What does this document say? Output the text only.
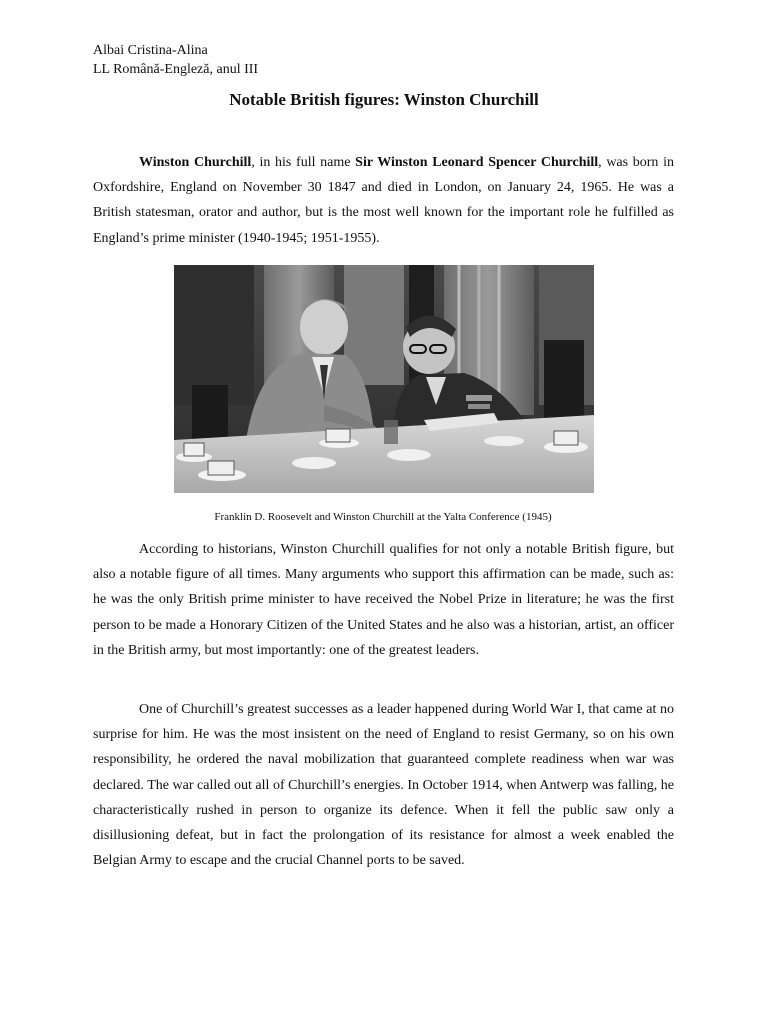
Albai Cristina-Alina
LL Română-Engleză, anul III
Notable British figures: Winston Churchill

Winston Churchill, in his full name Sir Winston Leonard Spencer Churchill, was born in Oxfordshire, England on November 30 1847 and died in London, on January 24, 1965. He was a British statesman, orator and author, but is the most well known for the important role he fulfilled as England’s prime minister (1940-1945; 1951-1955).

Franklin D. Roosevelt and Winston Churchill at the Yalta Conference (1945)

According to historians, Winston Churchill qualifies for not only a notable British figure, but also a notable figure of all times. Many arguments who support this affirmation can be made, such as: he was the only British prime minister to have received the Nobel Prize in literature; he was the first person to be made a Honorary Citizen of the United States and he also was a historian, artist, an officer in the British army, but most importantly: one of the greatest leaders.

One of Churchill’s greatest successes as a leader happened during World War I, that came at no surprise for him. He was the most insistent on the need of England to resist Germany, so on his own responsibility, he ordered the naval mobilization that guaranteed complete readiness when war was declared. The war called out all of Churchill’s energies. In October 1914, when Antwerp was falling, he characteristically rushed in person to organize its defence. When it fell the public saw only a disillusioning defeat, but in fact the prolongation of its resistance for almost a week enabled the Belgian Army to escape and the crucial Channel ports to be saved.
